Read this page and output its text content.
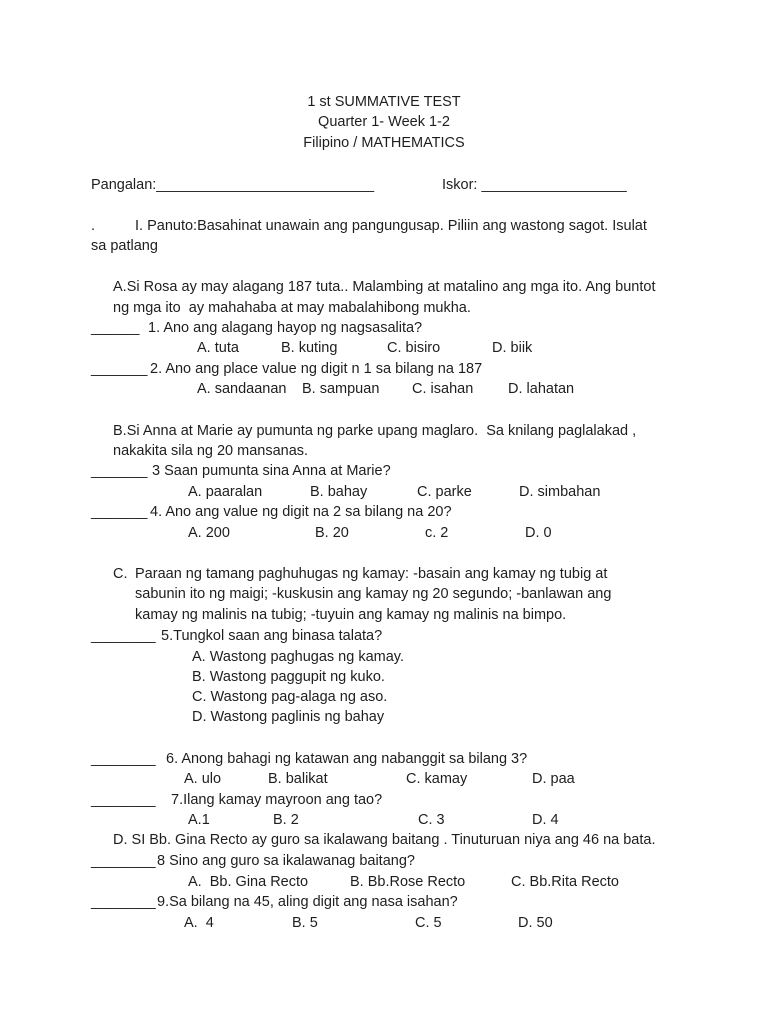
1 st SUMMATIVE TEST
Quarter 1- Week 1-2
Filipino / MATHEMATICS
Pangalan:___________________________	Iskor: __________________
.	I. Panuto:Basahinat unawain ang pangungusap. Piliin ang wastong sagot. Isulat
sa patlang
A.Si Rosa ay may alagang 187 tuta.. Malambing at matalino ang mga ito. Ang buntot
ng mga ito  ay mahahaba at may mabalahibong mukha.
______ 1. Ano ang alagang hayop ng nagsasalita?
A. tuta	B. kuting	C. bisiro	D. biik
_______ 2. Ano ang place value ng digit n 1 sa bilang na 187
A. sandaanan B. sampuan C. isahan D. lahatan
B.Si Anna at Marie ay pumunta ng parke upang maglaro.  Sa knilang paglalakad ,
nakakita sila ng 20 mansanas.
_______ 3 Saan pumunta sina Anna at Marie?
A. paaralan	B. bahay	C. parke	D. simbahan
_______ 4. Ano ang value ng digit na 2 sa bilang na 20?
A. 200	B. 20	c. 2	D. 0
C. Paraan ng tamang paghuhugas ng kamay: -basain ang kamay ng tubig at
sabunin ito ng maigi; -kuskusin ang kamay ng 20 segundo; -banlawan ang
kamay ng malinis na tubig; -tuyuin ang kamay ng malinis na bimpo.
________ 5.Tungkol saan ang binasa talata?
A. Wastong paghugas ng kamay.
B. Wastong paggupit ng kuko.
C. Wastong pag-alaga ng aso.
D. Wastong paglinis ng bahay
________ 6. Anong bahagi ng katawan ang nabanggit sa bilang 3?
A. ulo	B. balikat	C. kamay	D. paa
________ 7.Ilang kamay mayroon ang tao?
A.1	B. 2	C. 3	D. 4
D. SI Bb. Gina Recto ay guro sa ikalawang baitang . Tinuturuan niya ang 46 na bata.
________ 8 Sino ang guro sa ikalawanag baitang?
A.  Bb. Gina Recto	B. Bb.Rose Recto	C. Bb.Rita Recto
________ 9.Sa bilang na 45, aling digit ang nasa isahan?
A.  4	B. 5	C. 5	D. 50
